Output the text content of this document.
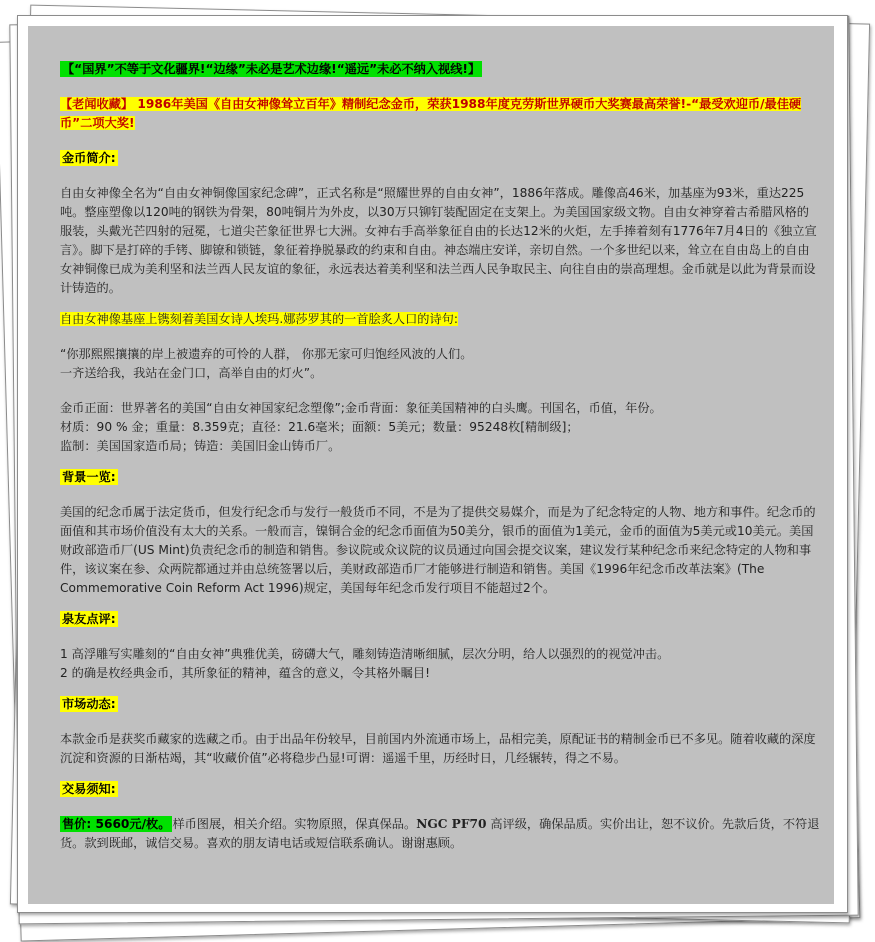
【“国界”不等于文化疆界!“边缘”未必是艺术边缘!“遥远”未必不纳入视线!】

【老闻收藏】 1986年美国《自由女神像耸立百年》精制纪念金币，荣获1988年度克劳斯世界硬币大奖赛最高荣誉!-“最受欢迎币/最佳硬币”二项大奖!

金币简介:

自由女神像全名为“自由女神铜像国家纪念碑”，正式名称是“照耀世界的自由女神”，1886年落成。雕像高46米，加基座为93米，重达225吨。整座塑像以120吨的钢铁为骨架，80吨铜片为外皮，以30万只铆钉装配固定在支架上。为美国国家级文物。自由女神穿着古希腊风格的服装，头戴光芒四射的冠冕，七道尖芒象征世界七大洲。女神右手高举象征自由的长达12米的火炬，左手捧着刻有1776年7月4日的《独立宣言》。脚下是打碎的手铐、脚镣和锁链，象征着挣脱暴政的约束和自由。神态端庄安详，亲切自然。一个多世纪以来，耸立在自由岛上的自由女神铜像已成为美利坚和法兰西人民友谊的象征，永远表达着美利坚和法兰西人民争取民主、向往自由的崇高理想。金币就是以此为背景而设计铸造的。

自由女神像基座上镌刻着美国女诗人埃玛.娜莎罗其的一首脍炙人口的诗句:

“你那熙熙攘攘的岸上被遗弃的可怜的人群， 你那无家可归饱经风波的人们。

一齐送给我，我站在金门口，高举自由的灯火”。

金币正面：世界著名的美国“自由女神国家纪念塑像”;金币背面：象征美国精神的白头鹰。刊国名，币值，年份。

材质：90 % 金；重量：8.359克；直径：21.6毫米；面额：5美元；数量：95248枚[精制级]；

监制：美国国家造币局；铸造：美国旧金山铸币厂。

背景一览:

美国的纪念币属于法定货币，但发行纪念币与发行一般货币不同，不是为了提供交易媒介，而是为了纪念特定的人物、地方和事件。纪念币的面值和其市场价值没有太大的关系。一般而言，镍铜合金的纪念币面值为50美分，银币的面值为1美元，金币的面值为5美元或10美元。美国财政部造币厂(US Mint)负责纪念币的制造和销售。参议院或众议院的议员通过向国会提交议案，建议发行某种纪念币来纪念特定的人物和事件，该议案在参、众两院都通过并由总统签署以后，美财政部造币厂才能够进行制造和销售。美国《1996年纪念币改革法案》(The Commemorative Coin Reform Act 1996)规定，美国每年纪念币发行项目不能超过2个。

泉友点评:

1 高浮雕写实雕刻的“自由女神”典雅优美，磅礴大气，雕刻铸造清晰细腻，层次分明，给人以强烈的的视觉冲击。

2 的确是枚经典金币，其所象征的精神，蕴含的意义，令其格外瞩目!

市场动态:

本款金币是获奖币藏家的选藏之币。由于出品年份较早，目前国内外流通市场上，品相完美，原配证书的精制金币已不多见。随着收藏的深度沉淀和资源的日渐枯竭，其“收藏价值”必将稳步凸显!可谓：遥遥千里，历经时日，几经辗转，得之不易。

交易须知:

售价: 5660元/枚。 样币图展，相关介绍。实物原照，保真保品。NGC PF70 高评级，确保品质。实价出让，恕不议价。先款后货，不符退货。款到既邮，诚信交易。喜欢的朋友请电话或短信联系确认。谢谢惠顾。
